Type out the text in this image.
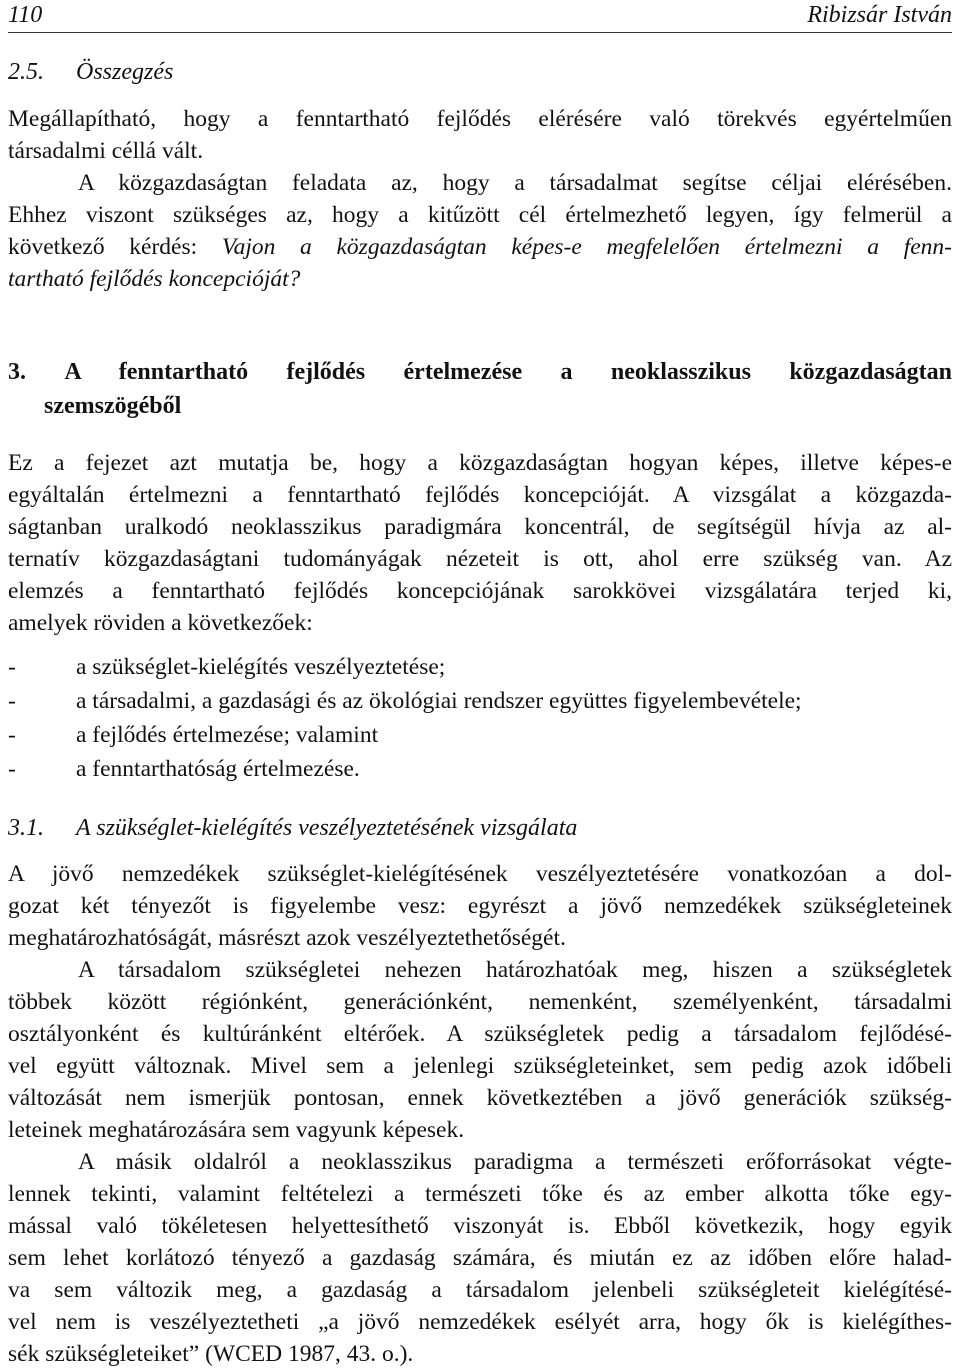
110	Ribizsár István
2.5. Összegzés
Megállapítható, hogy a fenntartható fejlődés elérésére való törekvés egyértelműen
társadalmi céllá vált.
A közgazdaságtan feladata az, hogy a társadalmat segítse céljai elérésében.
Ehhez viszont szükséges az, hogy a kitűzött cél értelmezhető legyen, így felmerül a
következő kérdés: Vajon a közgazdaságtan képes-e megfelelően értelmezni a fenn-
tartható fejlődés koncepcióját?
3. A fenntartható fejlődés értelmezése a neoklasszikus közgazdaságtan
szemszögéből
Ez a fejezet azt mutatja be, hogy a közgazdaságtan hogyan képes, illetve képes-e
egyáltalán értelmezni a fenntartható fejlődés koncepcióját. A vizsgálat a közgazda-
ságtanban uralkodó neoklasszikus paradigmára koncentrál, de segítségül hívja az al-
ternatív közgazdaságtani tudományágak nézeteit is ott, ahol erre szükség van. Az
elemzés a fenntartható fejlődés koncepciójának sarokkövei vizsgálatára terjed ki,
amelyek röviden a következőek:
-	a szükséglet-kielégítés veszélyeztetése;
-	a társadalmi, a gazdasági és az ökológiai rendszer együttes figyelembevétele;
-	a fejlődés értelmezése; valamint
-	a fenntarthatóság értelmezése.
3.1. A szükséglet-kielégítés veszélyeztetésének vizsgálata
A jövő nemzedékek szükséglet-kielégítésének veszélyeztetésére vonatkozóan a dol-
gozat két tényezőt is figyelembe vesz: egyrészt a jövő nemzedékek szükségleteinek
meghatározhatóságát, másrészt azok veszélyeztethetőségét.
A társadalom szükségletei nehezen határozhatóak meg, hiszen a szükségletek
többek között régiónként, generációnként, nemenként, személyenként, társadalmi
osztályonként és kultúránként eltérőek. A szükségletek pedig a társadalom fejlődésé-
vel együtt változnak. Mivel sem a jelenlegi szükségleteinket, sem pedig azok időbeli
változását nem ismerjük pontosan, ennek következtében a jövő generációk szükség-
leteinek meghatározására sem vagyunk képesek.
A másik oldalról a neoklasszikus paradigma a természeti erőforrásokat végte-
lennek tekinti, valamint feltételezi a természeti tőke és az ember alkotta tőke egy-
mással való tökéletesen helyettesíthető viszonyát is. Ebből következik, hogy egyik
sem lehet korlátozó tényező a gazdaság számára, és miután ez az időben előre halad-
va sem változik meg, a gazdaság a társadalom jelenbeli szükségleteit kielégítésé-
vel nem is veszélyeztetheti „a jövő nemzedékek esélyét arra, hogy ők is kielégíthes-
sék szükségleteiket” (WCED 1987, 43. o.).
